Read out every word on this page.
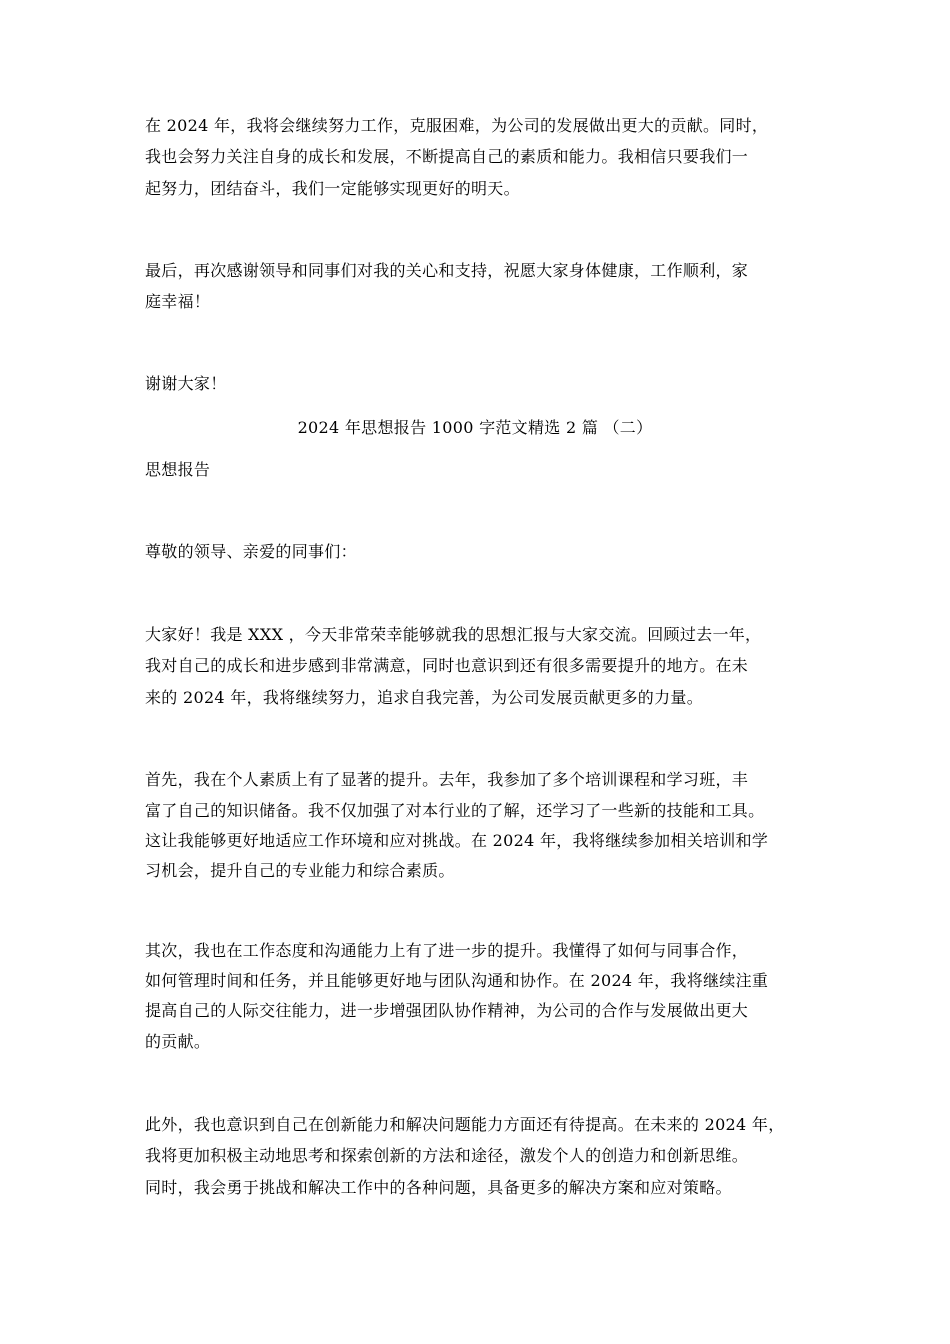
在 2024 年，我将会继续努力工作，克服困难，为公司的发展做出更大的贡献。同时，
我也会努力关注自身的成长和发展，不断提高自己的素质和能力。我相信只要我们一
起努力，团结奋斗，我们一定能够实现更好的明天。
最后，再次感谢领导和同事们对我的关心和支持，祝愿大家身体健康，工作顺利，家
庭幸福！
谢谢大家！
2024 年思想报告 1000 字范文精选 2 篇 （二）
思想报告
尊敬的领导、亲爱的同事们：
大家好！我是 XXX ，今天非常荣幸能够就我的思想汇报与大家交流。回顾过去一年，
我对自己的成长和进步感到非常满意，同时也意识到还有很多需要提升的地方。在未
来的 2024 年，我将继续努力，追求自我完善，为公司发展贡献更多的力量。
首先，我在个人素质上有了显著的提升。去年，我参加了多个培训课程和学习班，丰
富了自己的知识储备。我不仅加强了对本行业的了解，还学习了一些新的技能和工具。
这让我能够更好地适应工作环境和应对挑战。在 2024 年，我将继续参加相关培训和学
习机会，提升自己的专业能力和综合素质。
其次，我也在工作态度和沟通能力上有了进一步的提升。我懂得了如何与同事合作，
如何管理时间和任务，并且能够更好地与团队沟通和协作。在 2024 年，我将继续注重
提高自己的人际交往能力，进一步增强团队协作精神，为公司的合作与发展做出更大
的贡献。
此外，我也意识到自己在创新能力和解决问题能力方面还有待提高。在未来的 2024 年，
我将更加积极主动地思考和探索创新的方法和途径，激发个人的创造力和创新思维。
同时，我会勇于挑战和解决工作中的各种问题，具备更多的解决方案和应对策略。
